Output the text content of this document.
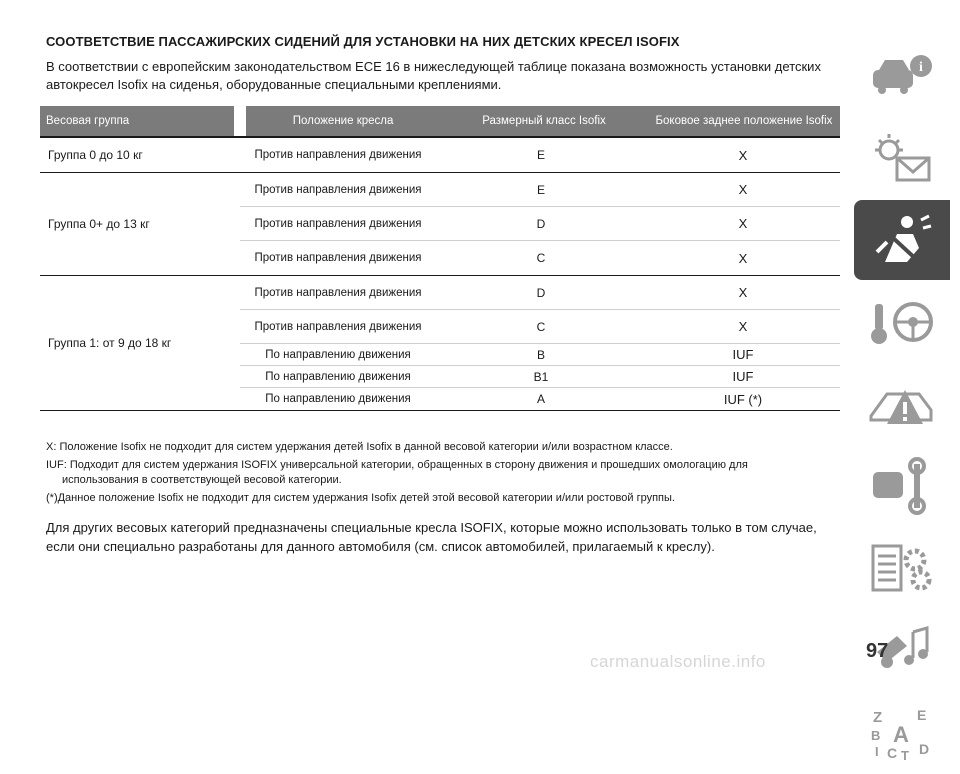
СООТВЕТСТВИЕ ПАССАЖИРСКИХ СИДЕНИЙ ДЛЯ УСТАНОВКИ НА НИХ ДЕТСКИХ КРЕСЕЛ ISOFIX
В соответствии с европейским законодательством ECE 16 в нижеследующей таблице показана возможность установки детских автокресел Isofix на сиденья, оборудованные специальными креплениями.
Весовая группа	Положение кресла	Размерный класс Isofix	Боковое заднее положение Isofix
Группа 0 до 10 кг	Против направления движения	E	X
Группа 0+ до 13 кг
Против направления движения	E	X
Против направления движения	D	X
Против направления движения	C	X
Группа 1: от 9 до 18 кг
Против направления движения	D	X
Против направления движения	C	X
По направлению движения	B	IUF
По направлению движения	B1	IUF
По направлению движения	A	IUF (*)
X: Положение Isofix не подходит для систем удержания детей Isofix в данной весовой категории и/или возрастном классе.
IUF: Подходит для систем удержания ISOFIX универсальной категории, обращенных в сторону движения и прошедших омологацию для
использования в соответствующей весовой категории.
(*)Данное положение Isofix не подходит для систем удержания Isofix детей этой весовой категории и/или ростовой группы.
Для других весовых категорий предназначены специальные кресла ISOFIX, которые можно использовать только в том случае, если они специально разработаны для данного автомобиля (см. список автомобилей, прилагаемый к креслу).
i
Z E
B A
I C T D
97
carmanualsonline.info
